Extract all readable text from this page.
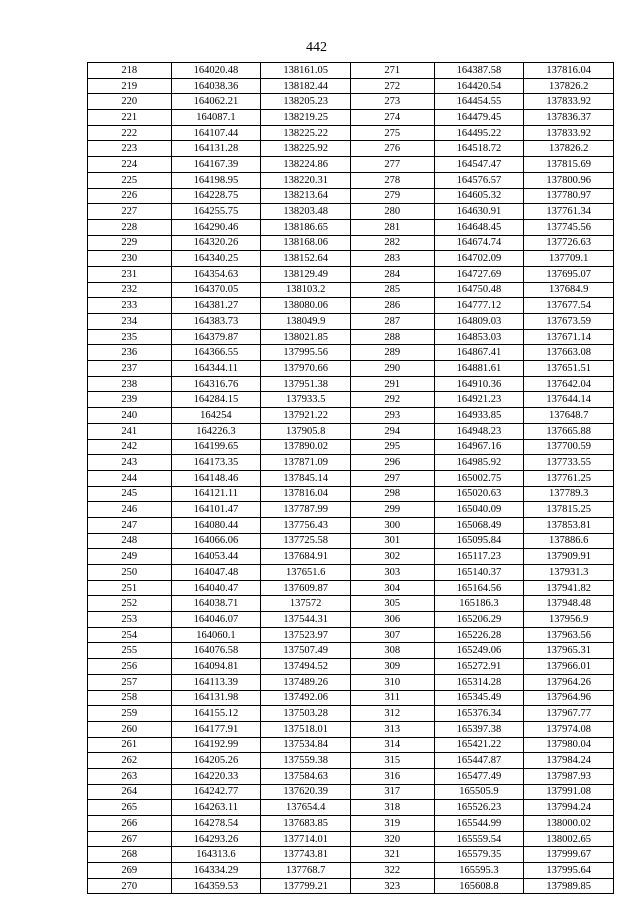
442
218	164020.48	138161.05	271	164387.58	137816.04
219	164038.36	138182.44	272	164420.54	137826.2
220	164062.21	138205.23	273	164454.55	137833.92
221	164087.1	138219.25	274	164479.45	137836.37
222	164107.44	138225.22	275	164495.22	137833.92
223	164131.28	138225.92	276	164518.72	137826.2
224	164167.39	138224.86	277	164547.47	137815.69
225	164198.95	138220.31	278	164576.57	137800.96
226	164228.75	138213.64	279	164605.32	137780.97
227	164255.75	138203.48	280	164630.91	137761.34
228	164290.46	138186.65	281	164648.45	137745.56
229	164320.26	138168.06	282	164674.74	137726.63
230	164340.25	138152.64	283	164702.09	137709.1
231	164354.63	138129.49	284	164727.69	137695.07
232	164370.05	138103.2	285	164750.48	137684.9
233	164381.27	138080.06	286	164777.12	137677.54
234	164383.73	138049.9	287	164809.03	137673.59
235	164379.87	138021.85	288	164853.03	137671.14
236	164366.55	137995.56	289	164867.41	137663.08
237	164344.11	137970.66	290	164881.61	137651.51
238	164316.76	137951.38	291	164910.36	137642.04
239	164284.15	137933.5	292	164921.23	137644.14
240	164254	137921.22	293	164933.85	137648.7
241	164226.3	137905.8	294	164948.23	137665.88
242	164199.65	137890.02	295	164967.16	137700.59
243	164173.35	137871.09	296	164985.92	137733.55
244	164148.46	137845.14	297	165002.75	137761.25
245	164121.11	137816.04	298	165020.63	137789.3
246	164101.47	137787.99	299	165040.09	137815.25
247	164080.44	137756.43	300	165068.49	137853.81
248	164066.06	137725.58	301	165095.84	137886.6
249	164053.44	137684.91	302	165117.23	137909.91
250	164047.48	137651.6	303	165140.37	137931.3
251	164040.47	137609.87	304	165164.56	137941.82
252	164038.71	137572	305	165186.3	137948.48
253	164046.07	137544.31	306	165206.29	137956.9
254	164060.1	137523.97	307	165226.28	137963.56
255	164076.58	137507.49	308	165249.06	137965.31
256	164094.81	137494.52	309	165272.91	137966.01
257	164113.39	137489.26	310	165314.28	137964.26
258	164131.98	137492.06	311	165345.49	137964.96
259	164155.12	137503.28	312	165376.34	137967.77
260	164177.91	137518.01	313	165397.38	137974.08
261	164192.99	137534.84	314	165421.22	137980.04
262	164205.26	137559.38	315	165447.87	137984.24
263	164220.33	137584.63	316	165477.49	137987.93
264	164242.77	137620.39	317	165505.9	137991.08
265	164263.11	137654.4	318	165526.23	137994.24
266	164278.54	137683.85	319	165544.99	138000.02
267	164293.26	137714.01	320	165559.54	138002.65
268	164313.6	137743.81	321	165579.35	137999.67
269	164334.29	137768.7	322	165595.3	137995.64
270	164359.53	137799.21	323	165608.8	137989.85
